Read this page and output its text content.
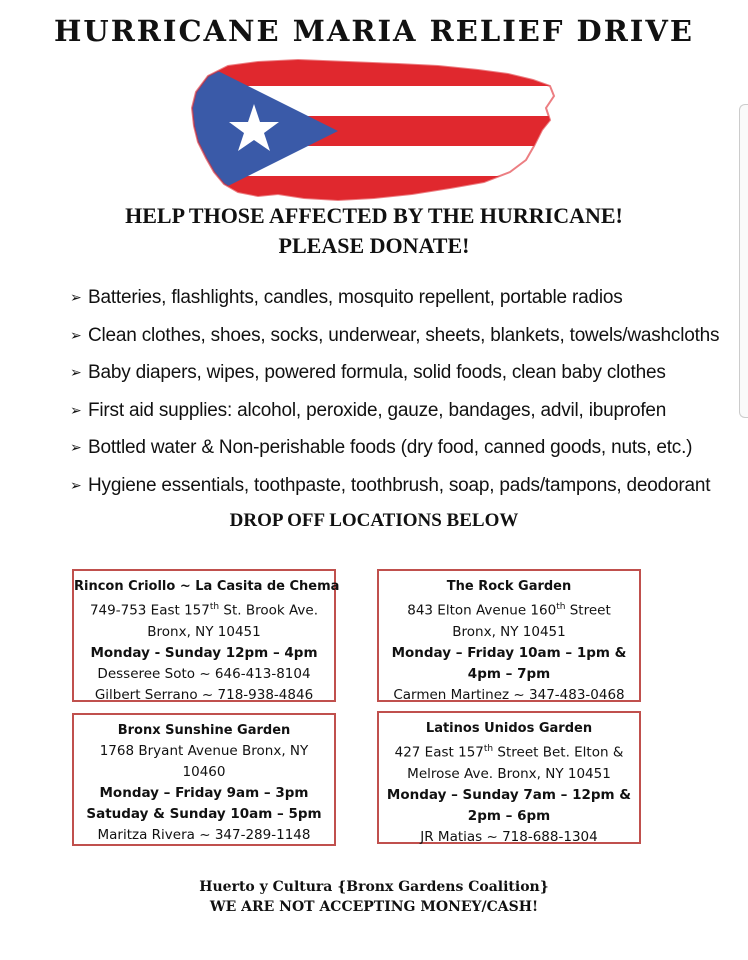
HURRICANE MARIA RELIEF DRIVE
HELP THOSE AFFECTED BY THE HURRICANE!
PLEASE DONATE!
➢ Batteries, flashlights, candles, mosquito repellent, portable radios
➢ Clean clothes, shoes, socks, underwear, sheets, blankets, towels/washcloths
➢ Baby diapers, wipes, powered formula, solid foods, clean baby clothes
➢ First aid supplies: alcohol, peroxide, gauze, bandages, advil, ibuprofen
➢ Bottled water & Non-perishable foods (dry food, canned goods, nuts, etc.)
➢ Hygiene essentials, toothpaste, toothbrush, soap, pads/tampons, deodorant
DROP OFF LOCATIONS BELOW
Rincon Criollo ~ La Casita de Chema
749-753 East 157th St. Brook Ave.
Bronx, NY 10451
Monday - Sunday 12pm – 4pm
Desseree Soto ~ 646-413-8104
Gilbert Serrano ~ 718-938-4846
The Rock Garden
843 Elton Avenue 160th Street
Bronx, NY 10451
Monday – Friday 10am – 1pm &
4pm – 7pm
Carmen Martinez ~ 347-483-0468
Bronx Sunshine Garden
1768 Bryant Avenue Bronx, NY
10460
Monday – Friday 9am – 3pm
Satuday & Sunday 10am – 5pm
Maritza Rivera ~ 347-289-1148
Latinos Unidos Garden
427 East 157th Street Bet. Elton &
Melrose Ave. Bronx, NY 10451
Monday – Sunday 7am – 12pm &
2pm – 6pm
JR Matias ~ 718-688-1304
Huerto y Cultura {Bronx Gardens Coalition}
WE ARE NOT ACCEPTING MONEY/CASH!
